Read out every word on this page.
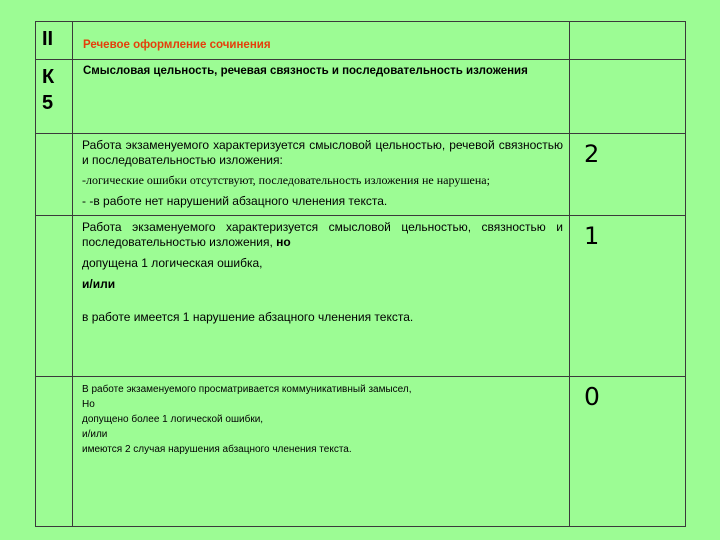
II	Речевое оформление сочинения	

К
5	Смысловая цельность, речевая связность и последовательность изложения	

	Работа экзаменуемого характеризуется смысловой цельностью, речевой связностью и последовательностью изложения:
-логические ошибки отсутствуют, последовательность изложения не нарушена;
- -в работе нет нарушений абзацного членения текста.	2

	Работа экзаменуемого характеризуется смысловой цельностью, связностью и последовательностью изложения, но
допущена 1 логическая ошибка,
и/или
в работе имеется 1 нарушение абзацного членения текста.	1

	В работе экзаменуемого просматривается коммуникативный замысел,
Но
допущено более 1 логической ошибки,
и/или
имеются 2 случая нарушения абзацного членения текста.	0
